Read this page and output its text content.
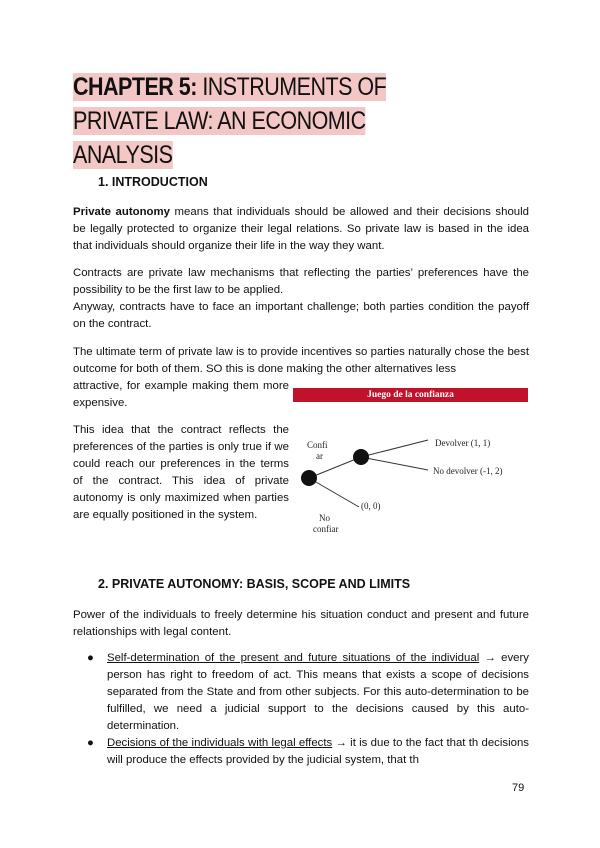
CHAPTER 5: INSTRUMENTS OF PRIVATE LAW: AN ECONOMIC ANALYSIS
1. INTRODUCTION
Private autonomy means that individuals should be allowed and their decisions should be legally protected to organize their legal relations. So private law is based in the idea that individuals should organize their life in the way they want.
Contracts are private law mechanisms that reflecting the parties’ preferences have the possibility to be the first law to be applied.
Anyway, contracts have to face an important challenge; both parties condition the payoff on the contract.
The ultimate term of private law is to provide incentives so parties naturally chose the best outcome for both of them. SO this is done making the other alternatives less
attractive, for example making them more expensive.
This idea that the contract reflects the preferences of the parties is only true if we could reach our preferences in the terms of the contract. This idea of private autonomy is only maximized when parties are equally positioned in the system.
Juego de la confianza
Confi
ar
Devolver (1, 1)
No devolver (-1, 2)
(0, 0)
No
confiar
2. PRIVATE AUTONOMY: BASIS, SCOPE AND LIMITS
Power of the individuals to freely determine his situation conduct and present and future relationships with legal content.
● Self-determination of the present and future situations of the individual → every person has right to freedom of act. This means that exists a scope of decisions separated from the State and from other subjects. For this auto-determination to be fulfilled, we need a judicial support to the decisions caused by this auto-determination.
● Decisions of the individuals with legal effects → it is due to the fact that th decisions will produce the effects provided by the judicial system, that th
79
